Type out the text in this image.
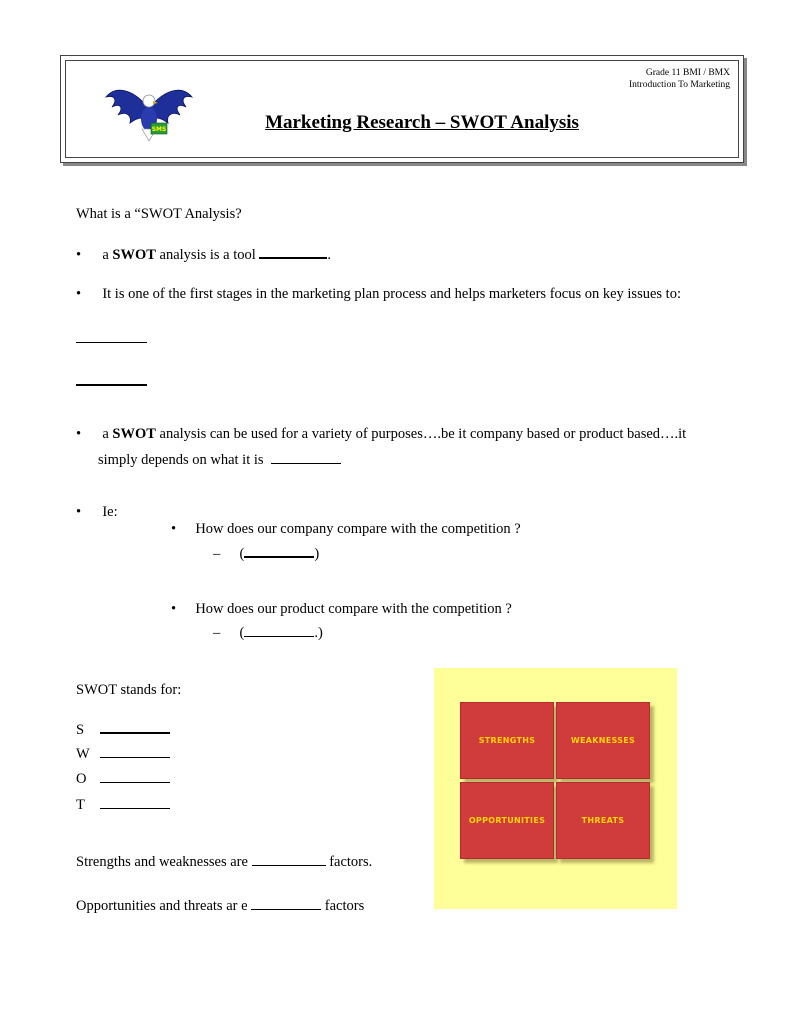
Grade 11 BMI / BMX
Introduction To Marketing
SMS	Marketing Research – SWOT Analysis
What is a “SWOT Analysis?
• a SWOT analysis is a tool	.
• It is one of the first stages in the marketing plan process and helps marketers focus on key issues to:
• a SWOT analysis can be used for a variety of purposes….be it company based or product based….it
simply depends on what it is
• Ie:
• How does our company compare with the competition ?
– (	)
• How does our product compare with the competition ?
– (	.)
SWOT stands for:
S
W
O
T
Strengths and weaknesses are	factors.
Opportunities and threats ar e	factors
STRENGTHS	WEAKNESSES
OPPORTUNITIES	THREATS
